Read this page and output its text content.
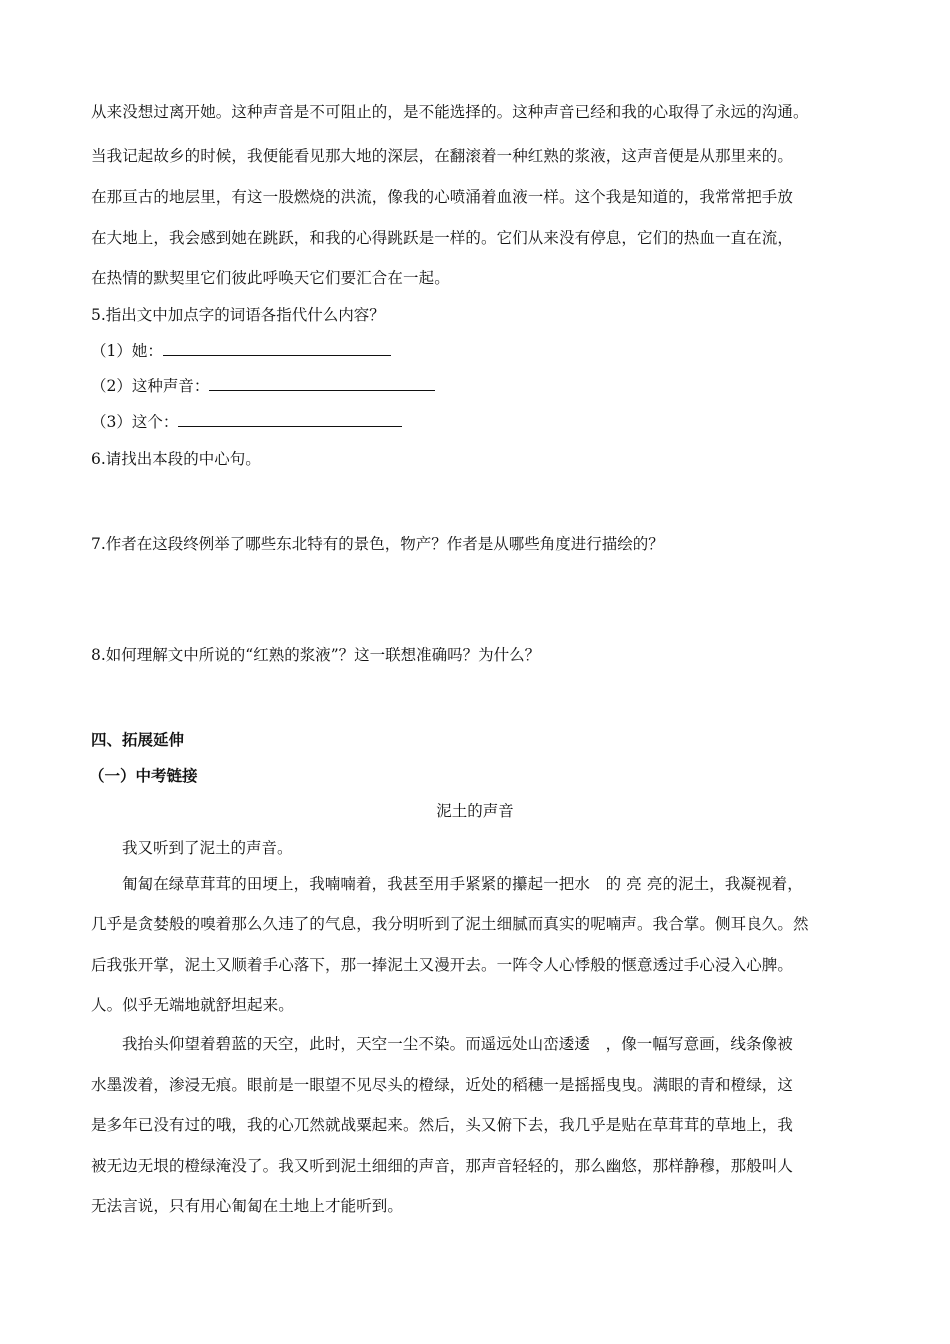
从来没想过离开她。这种声音是不可阻止的，是不能选择的。这种声音已经和我的心取得了永远的沟通。
当我记起故乡的时候，我便能看见那大地的深层，在翻滚着一种红熟的浆液，这声音便是从那里来的。
在那亘古的地层里，有这一股燃烧的洪流，像我的心喷涌着血液一样。这个我是知道的，我常常把手放
在大地上，我会感到她在跳跃，和我的心得跳跃是一样的。它们从来没有停息，它们的热血一直在流，
在热情的默契里它们彼此呼唤天它们要汇合在一起。
5.指出文中加点字的词语各指代什么内容？
（1）她：
（2）这种声音：
（3）这个：
6.请找出本段的中心句。
7.作者在这段终例举了哪些东北特有的景色，物产？作者是从哪些角度进行描绘的？
8.如何理解文中所说的“红熟的浆液”？这一联想准确吗？为什么？
四、拓展延伸
（一）中考链接
泥土的声音
我又听到了泥土的声音。
匍匐在绿草茸茸的田埂上，我喃喃着，我甚至用手紧紧的攥起一把水　的 亮 亮的泥土，我凝视着，
几乎是贪婪般的嗅着那么久违了的气息，我分明听到了泥土细腻而真实的呢喃声。我合掌。侧耳良久。然
后我张开掌，泥土又顺着手心落下，那一捧泥土又漫开去。一阵令人心悸般的惬意透过手心浸入心脾。
人。似乎无端地就舒坦起来。
我抬头仰望着碧蓝的天空，此时，天空一尘不染。而遥远处山峦逶逶　，像一幅写意画，线条像被
水墨泼着，渗浸无痕。眼前是一眼望不见尽头的橙绿，近处的稻穗一是摇摇曳曳。满眼的青和橙绿，这
是多年已没有过的哦，我的心兀然就战粟起来。然后，头又俯下去，我几乎是贴在草茸茸的草地上，我
被无边无垠的橙绿淹没了。我又听到泥土细细的声音，那声音轻轻的，那么幽悠，那样静穆，那般叫人
无法言说，只有用心匍匐在土地上才能听到。
